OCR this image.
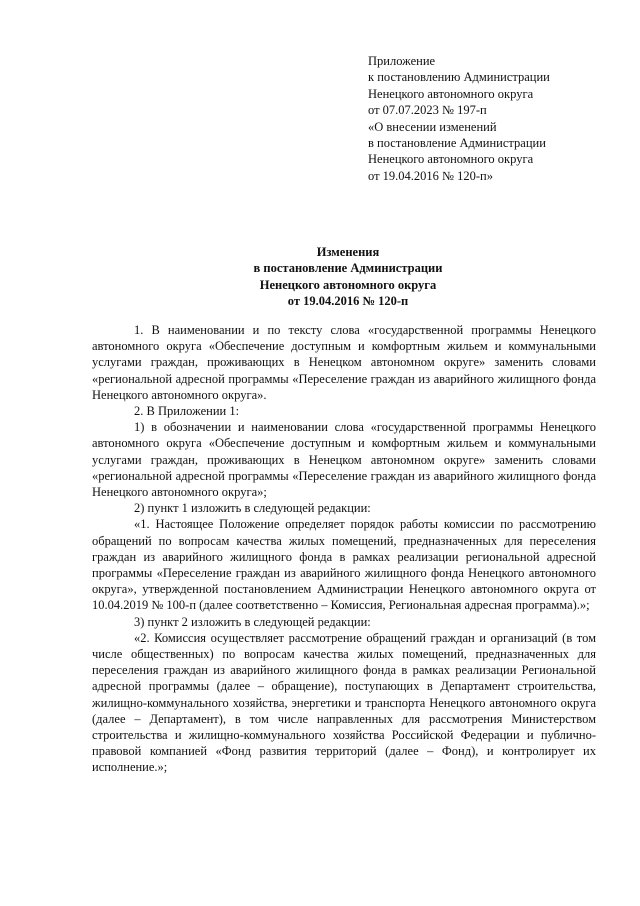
Приложение
к постановлению Администрации
Ненецкого автономного округа
от 07.07.2023 № 197-п
«О внесении изменений
в постановление Администрации
Ненецкого автономного округа
от 19.04.2016 № 120-п»
Изменения
в постановление Администрации
Ненецкого автономного округа
от 19.04.2016 № 120-п

1. В наименовании и по тексту слова «государственной программы Ненецкого автономного округа «Обеспечение доступным и комфортным жильем и коммунальными услугами граждан, проживающих в Ненецком автономном округе» заменить словами «региональной адресной программы «Переселение граждан из аварийного жилищного фонда Ненецкого автономного округа».

2. В Приложении 1:

1) в обозначении и наименовании слова «государственной программы Ненецкого автономного округа «Обеспечение доступным и комфортным жильем и коммунальными услугами граждан, проживающих в Ненецком автономном округе» заменить словами «региональной адресной программы «Переселение граждан из аварийного жилищного фонда Ненецкого автономного округа»;

2) пункт 1 изложить в следующей редакции:

«1. Настоящее Положение определяет порядок работы комиссии по рассмотрению обращений по вопросам качества жилых помещений, предназначенных для переселения граждан из аварийного жилищного фонда в рамках реализации региональной адресной программы «Переселение граждан из аварийного жилищного фонда Ненецкого автономного округа», утвержденной постановлением Администрации Ненецкого автономного округа от 10.04.2019 № 100-п (далее соответственно – Комиссия, Региональная адресная программа).»;

3) пункт 2 изложить в следующей редакции:

«2. Комиссия осуществляет рассмотрение обращений граждан и организаций (в том числе общественных) по вопросам качества жилых помещений, предназначенных для переселения граждан из аварийного жилищного фонда в рамках реализации Региональной адресной программы (далее – обращение), поступающих в Департамент строительства, жилищно-коммунального хозяйства, энергетики и транспорта Ненецкого автономного округа (далее – Департамент), в том числе направленных для рассмотрения Министерством строительства и жилищно-коммунального хозяйства Российской Федерации и публично-правовой компанией «Фонд развития территорий (далее – Фонд), и контролирует их исполнение.»;
